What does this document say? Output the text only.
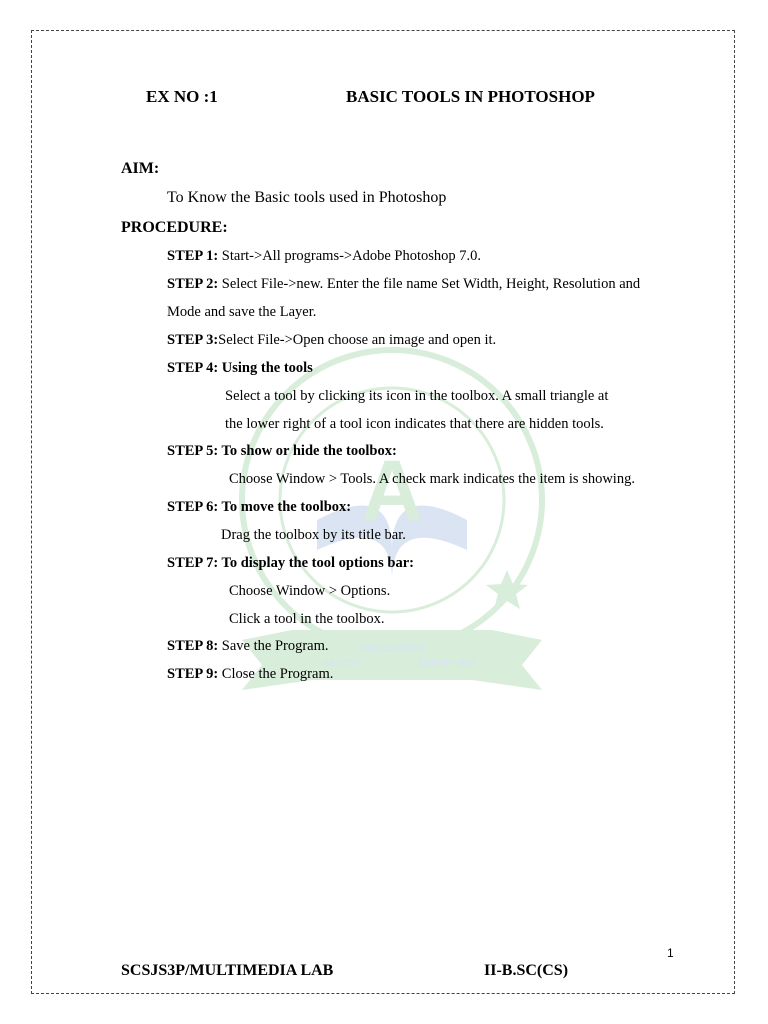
A
EDUCATION
SAFETY	DISCIPLINE
EX NO :1	BASIC TOOLS IN PHOTOSHOP
AIM:
To Know the Basic tools used in Photoshop
PROCEDURE:
STEP 1: Start->All programs->Adobe Photoshop 7.0.
STEP 2: Select File->new. Enter the file name Set Width, Height, Resolution and
Mode and save the Layer.
STEP 3:Select File->Open choose an image and open it.
STEP 4: Using the tools
Select a tool by clicking its icon in the toolbox. A small triangle at
the lower right of a tool icon indicates that there are hidden tools.
STEP 5: To show or hide the toolbox:
Choose Window > Tools. A check mark indicates the item is showing.
STEP 6: To move the toolbox:
Drag the toolbox by its title bar.
STEP 7: To display the tool options bar:
Choose Window > Options.
Click a tool in the toolbox.
STEP 8: Save the Program.
STEP 9: Close the Program.
1
SCSJS3P/MULTIMEDIA LAB	II-B.SC(CS)
